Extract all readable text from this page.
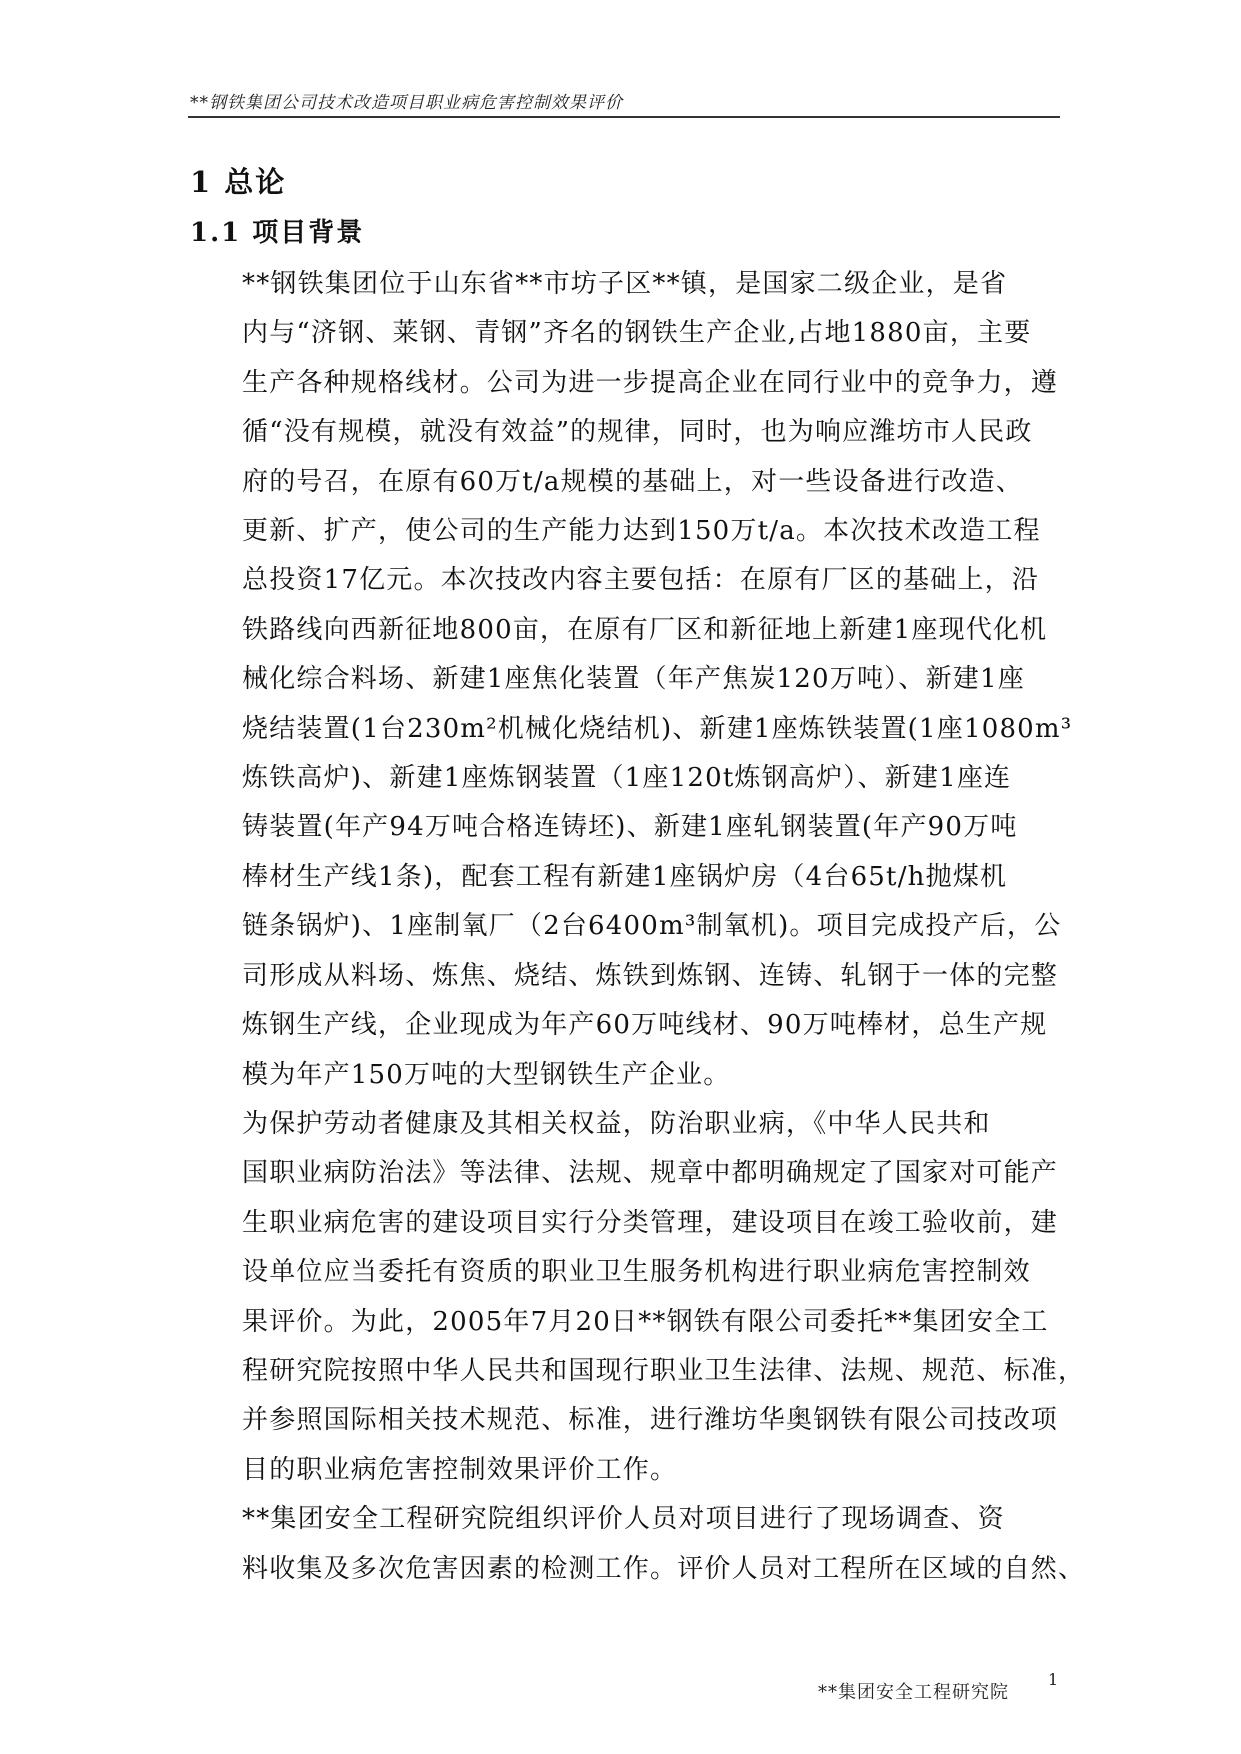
**钢铁集团公司技术改造项目职业病危害控制效果评价
1 总论
1.1 项目背景

**钢铁集团位于山东省**市坊子区**镇，是国家二级企业，是省
内与“济钢、莱钢、青钢”齐名的钢铁生产企业,占地1880亩，主要
生产各种规格线材。公司为进一步提高企业在同行业中的竞争力，遵
循“没有规模，就没有效益”的规律，同时，也为响应潍坊市人民政
府的号召，在原有60万t/a规模的基础上，对一些设备进行改造、
更新、扩产，使公司的生产能力达到150万t/a。本次技术改造工程
总投资17亿元。本次技改内容主要包括：在原有厂区的基础上，沿
铁路线向西新征地800亩，在原有厂区和新征地上新建1座现代化机
械化综合料场、新建1座焦化装置（年产焦炭120万吨）、新建1座
烧结装置(1台230m²机械化烧结机)、新建1座炼铁装置(1座1080m³
炼铁高炉)、新建1座炼钢装置（1座120t炼钢高炉）、新建1座连
铸装置(年产94万吨合格连铸坯)、新建1座轧钢装置(年产90万吨
棒材生产线1条)，配套工程有新建1座锅炉房（4台65t/h抛煤机
链条锅炉)、1座制氧厂（2台6400m³制氧机)。项目完成投产后，公
司形成从料场、炼焦、烧结、炼铁到炼钢、连铸、轧钢于一体的完整
炼钢生产线，企业现成为年产60万吨线材、90万吨棒材，总生产规
模为年产150万吨的大型钢铁生产企业。

为保护劳动者健康及其相关权益，防治职业病，《中华人民共和
国职业病防治法》等法律、法规、规章中都明确规定了国家对可能产
生职业病危害的建设项目实行分类管理，建设项目在竣工验收前，建
设单位应当委托有资质的职业卫生服务机构进行职业病危害控制效
果评价。为此，2005年7月20日**钢铁有限公司委托**集团安全工
程研究院按照中华人民共和国现行职业卫生法律、法规、规范、标准，
并参照国际相关技术规范、标准，进行潍坊华奥钢铁有限公司技改项
目的职业病危害控制效果评价工作。

**集团安全工程研究院组织评价人员对项目进行了现场调查、资
料收集及多次危害因素的检测工作。评价人员对工程所在区域的自然、

1
**集团安全工程研究院
